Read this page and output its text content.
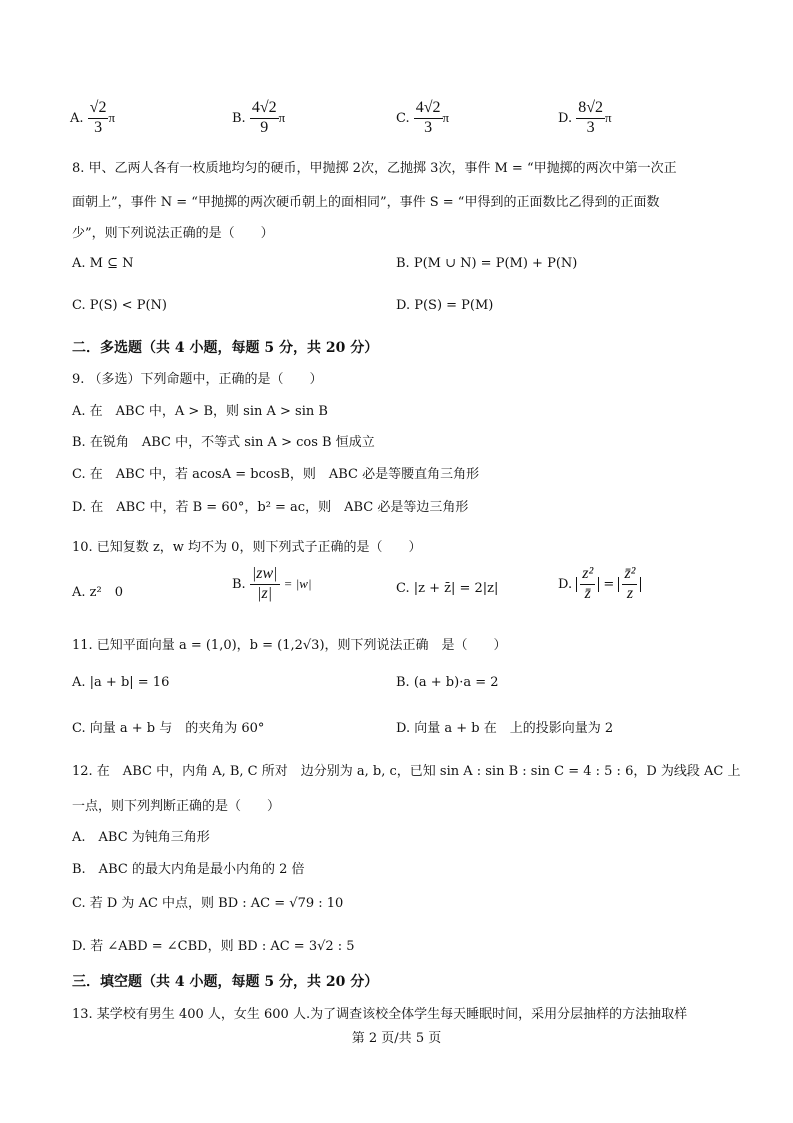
A. $\frac{√2}{3}$ π	B. $\frac{4√2}{9}$ π	C. $\frac{4√2}{3}$ π	D. $\frac{8√2}{3}$ π
8. 甲、乙两人各有一枚质地均匀的硬币，甲抛掷 2次，乙抛掷 3次，事件 M = “甲抛掷的两次中第一次正
面朝上”，事件 N = “甲抛掷的两次硬币朝上的面相同”，事件 S = “甲得到的正面数比乙得到的正面数
少”，则下列说法正确的是（　　）
A. M ⊆ N	B. P(M ∪ N) = P(M) + P(N)
C. P(S) < P(N)	D. P(S) = P(M)
二．多选题（共 4 小题，每题 5 分，共 20 分）
9. （多选）下列命题中，正确的是（　　）
A. 在　ABC 中，A > B，则 sin A > sin B
B. 在锐角　ABC 中，不等式 sin A > cos B 恒成立
C. 在　ABC 中，若 acosA = bcosB，则　ABC 必是等腰直角三角形
D. 在　ABC 中，若 B = 60°，b² = ac，则　ABC 必是等边三角形
10. 已知复数 z，w 均不为 0，则下列式子正确的是（　　）
A. z²　0
B. $\frac{|zw|}{|z|} = |w|$	C. |z + z̄| = 2|z|	D. $\frac{\text{z²}}{z̄} = \frac{\text{z̄²}}{z}$
11. 已知平面向量 a = (1,0)，b = (1,2√3)，则下列说法正确　是（　　）
A. |a + b| = 16	B. (a + b)·a = 2
C. 向量 a + b 与　的夹角为 60°	D. 向量 a + b 在　上的投影向量为 2
12. 在　ABC 中，内角 A, B, C 所对　边分别为 a, b, c，已知 sin A : sin B : sin C = 4 : 5 : 6，D 为线段 AC 上
一点，则下列判断正确的是（　　）
A.　ABC 为钝角三角形
B.　ABC 的最大内角是最小内角的 2 倍
C. 若 D 为 AC 中点，则 BD : AC = √79 : 10
D. 若 ∠ABD = ∠CBD，则 BD : AC = 3√2 : 5
三．填空题（共 4 小题，每题 5 分，共 20 分）
13. 某学校有男生 400 人，女生 600 人.为了调查该校全体学生每天睡眠时间，采用分层抽样的方法抽取样
第 2 页/共 5 页
